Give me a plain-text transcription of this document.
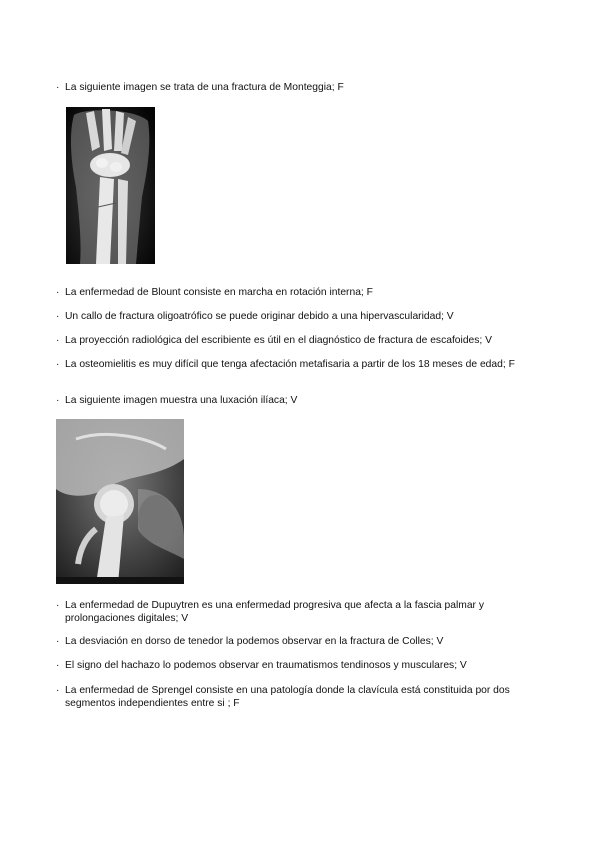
· La siguiente imagen se trata de una fractura de Monteggia; F
· La enfermedad de Blount consiste en marcha en rotación interna; F
· Un callo de fractura oligoatrófico se puede originar debido a una hipervascularidad; V
· La proyección radiológica del escribiente es útil en el diagnóstico de fractura de escafoides; V
· La osteomielitis es muy difícil que tenga afectación metafisaria a partir de los 18 meses de edad; F
· La siguiente imagen muestra una luxación ilíaca; V
· La enfermedad de Dupuytren es una enfermedad progresiva que afecta a la fascia palmar y prolongaciones digitales; V
· La desviación en dorso de tenedor la podemos observar en la fractura de Colles; V
· El signo del hachazo lo podemos observar en traumatismos tendinosos y musculares; V
· La enfermedad de Sprengel consiste en una patología donde la clavícula está constituida por dos segmentos independientes entre si ; F
